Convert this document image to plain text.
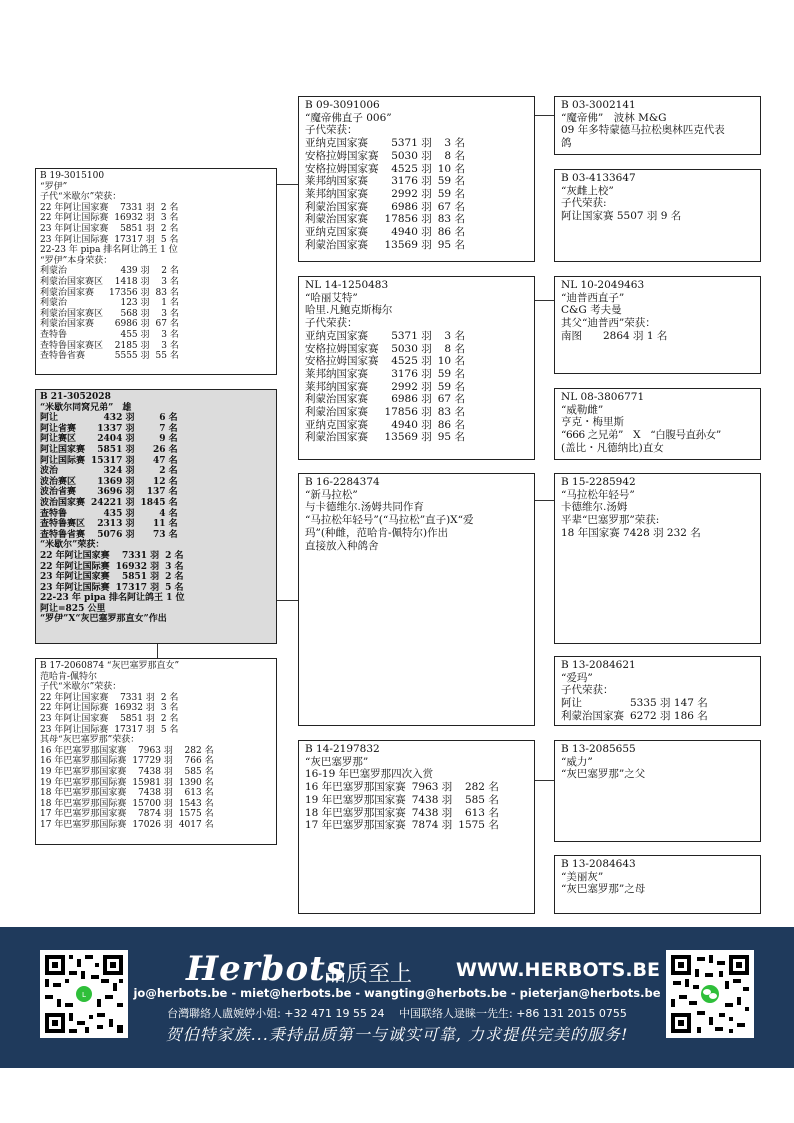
B 19-3015100
“罗伊”
子代“米歇尔”荣获：
22 年阿让国家赛	7331 羽 2 名
22 年阿让国际赛 16932 羽 3 名
23 年阿让国家赛	5851 羽 2 名
23 年阿让国际赛 17317 羽 5 名
22-23 年 pipa 排名阿让鸽王 1 位
“罗伊”本身荣获：
利蒙治	439 羽	2 名
利蒙治国家赛区	1418 羽	3 名
利蒙治国家赛	17356 羽 83 名
利蒙治	123 羽	1 名
利蒙治国家赛区	568 羽	3 名
利蒙治国家赛	6986 羽 67 名
查特鲁	455 羽	3 名
查特鲁国家赛区	2185 羽	3 名
查特鲁省赛	5555 羽 55 名
B 21-3052028
“米歇尔同窝兄弟”　雄
阿让	432 羽	6 名
阿让省赛	1337 羽	7 名
阿让赛区	2404 羽	9 名
阿让国家赛	5851 羽	26 名
阿让国际赛 15317 羽	47 名
波治	324 羽	2 名
波治赛区	1369 羽	12 名
波治省赛	3696 羽	137 名
波治国家赛 24221 羽 1845 名
查特鲁	435 羽	4 名
查特鲁赛区	2313 羽	11 名
查特鲁省赛	5076 羽	73 名
“米歇尔”荣获：
22 年阿让国家赛	7331 羽 2 名
22 年阿让国际赛 16932 羽 3 名
23 年阿让国家赛	5851 羽 2 名
23 年阿让国际赛 17317 羽 5 名
22-23 年 pipa 排名阿让鸽王 1 位
阿让=825 公里
“罗伊”X“灰巴塞罗那直女”作出
B 17-2060874 “灰巴塞罗那直女”
范哈肯-佩特尔
子代“米歇尔”荣获：
22 年阿让国家赛	7331 羽 2 名
22 年阿让国际赛 16932 羽 3 名
23 年阿让国家赛	5851 羽 2 名
23 年阿让国际赛 17317 羽 5 名
其母“灰巴塞罗那”荣获：
16 年巴塞罗那国家赛	7963 羽	282 名
16 年巴塞罗那国际赛 17729 羽	766 名
19 年巴塞罗那国家赛	7438 羽	585 名
19 年巴塞罗那国际赛 15981 羽 1390 名
18 年巴塞罗那国家赛	7438 羽	613 名
18 年巴塞罗那国际赛 15700 羽 1543 名
17 年巴塞罗那国家赛	7874 羽 1575 名
17 年巴塞罗那国际赛 17026 羽 4017 名
B 09-3091006
“魔帝佛直子 006”
子代荣获：
亚纳克国家赛	5371 羽	3 名
安格拉姆国家赛	5030 羽	8 名
安格拉姆国家赛	4525 羽 10 名
莱邦纳国家赛	3176 羽 59 名
莱邦纳国家赛	2992 羽 59 名
利蒙治国家赛	6986 羽 67 名
利蒙治国家赛	17856 羽 83 名
亚纳克国家赛	4940 羽 86 名
利蒙治国家赛	13569 羽 95 名
NL 14-1250483
“哈丽艾特”
哈里.凡鲍克斯梅尔
子代荣获：
亚纳克国家赛	5371 羽	3 名
安格拉姆国家赛	5030 羽	8 名
安格拉姆国家赛	4525 羽 10 名
莱邦纳国家赛	3176 羽 59 名
莱邦纳国家赛	2992 羽 59 名
利蒙治国家赛	6986 羽 67 名
利蒙治国家赛	17856 羽 83 名
亚纳克国家赛	4940 羽 86 名
利蒙治国家赛	13569 羽 95 名
B 16-2284374
“新马拉松”
与卡德维尔.汤姆共同作育
“马拉松年轻号”(“马拉松”直子)X“爱
玛”(种雌，范哈肯-佩特尔)作出
直接放入种鸽舍
B 14-2197832
“灰巴塞罗那”
16-19 年巴塞罗那四次入赏
16 年巴塞罗那国家赛 7963 羽	282 名
19 年巴塞罗那国家赛 7438 羽	585 名
18 年巴塞罗那国家赛 7438 羽	613 名
17 年巴塞罗那国家赛 7874 羽 1575 名
B 03-3002141
“魔帝佛”　波林 M&G
09 年多特蒙德马拉松奥林匹克代表
鸽
B 03-4133647
“灰雌上校”
子代荣获:
阿让国家赛 5507 羽 9 名
NL 10-2049463
“迪普西直子”
C&G 考夫曼
其父“迪普西”荣获：
南图　　2864 羽 1 名
NL 08-3806771
“威勒雌”
亨克・梅里斯
“666 之兄弟”　X　“白腹号直孙女”
(盖比・凡德纳比)直女
B 15-2285942
“马拉松年轻号”
卡德维尔.汤姆
平辈“巴塞罗那”荣获:
18 年国家赛 7428 羽 232 名
B 13-2084621
“爱玛”
子代荣获：
阿让	5335 羽 147 名
利蒙治国家赛 6272 羽 186 名
B 13-2085655
“威力”
“灰巴塞罗那”之父
B 13-2084643
“美丽灰”
“灰巴塞罗那”之母
L
Herbots
品质至上 WWW.HERBOTS.BE
jo@herbots.be - miet@herbots.be - wangting@herbots.be - pieterjan@herbots.be
台灣聯絡人盧婉婷小姐: +32 471 19 55 24　 中国联络人逯睐一先生: +86 131 2015 0755
贺伯特家族...秉持品质第一与诚实可靠, 力求提供完美的服务!
